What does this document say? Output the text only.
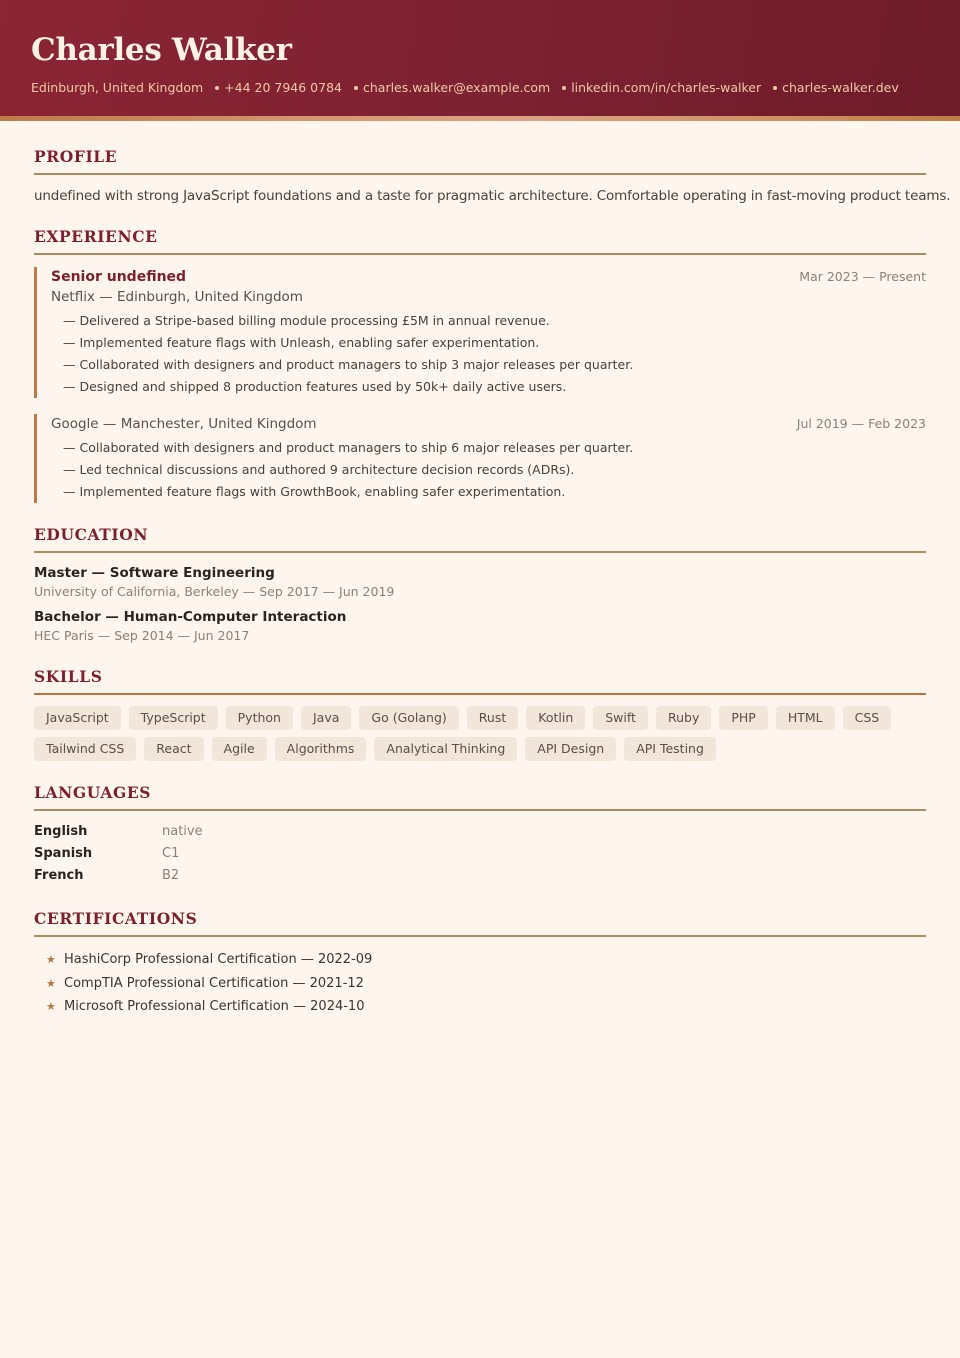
Charles Walker
Edinburgh, United Kingdom +44 20 7946 0784 charles.walker@example.com linkedin.com/in/charles-walker charles-walker.dev
PROFILE

undefined with strong JavaScript foundations and a taste for pragmatic architecture. Comfortable operating in fast-moving product teams.

EXPERIENCE
Senior undefined	Mar 2023 — Present
Netflix — Edinburgh, United Kingdom
— Delivered a Stripe-based billing module processing £5M in annual revenue.
— Implemented feature flags with Unleash, enabling safer experimentation.
— Collaborated with designers and product managers to ship 3 major releases per quarter.
— Designed and shipped 8 production features used by 50k+ daily active users.
Jul 2019 — Feb 2023
Google — Manchester, United Kingdom
— Collaborated with designers and product managers to ship 6 major releases per quarter.
— Led technical discussions and authored 9 architecture decision records (ADRs).
— Implemented feature flags with GrowthBook, enabling safer experimentation.
EDUCATION
Master — Software Engineering
University of California, Berkeley — Sep 2017 — Jun 2019
Bachelor — Human-Computer Interaction
HEC Paris — Sep 2014 — Jun 2017
SKILLS
JavaScript	TypeScript	Python	Java	Go (Golang)	Rust	Kotlin	Swift	Ruby	PHP	HTML	CSS
Tailwind CSS	React	Agile	Algorithms	Analytical Thinking	API Design	API Testing
LANGUAGES
English	native
Spanish	C1
French	B2
CERTIFICATIONS
★ HashiCorp Professional Certification — 2022-09
★ CompTIA Professional Certification — 2021-12
★ Microsoft Professional Certification — 2024-10
